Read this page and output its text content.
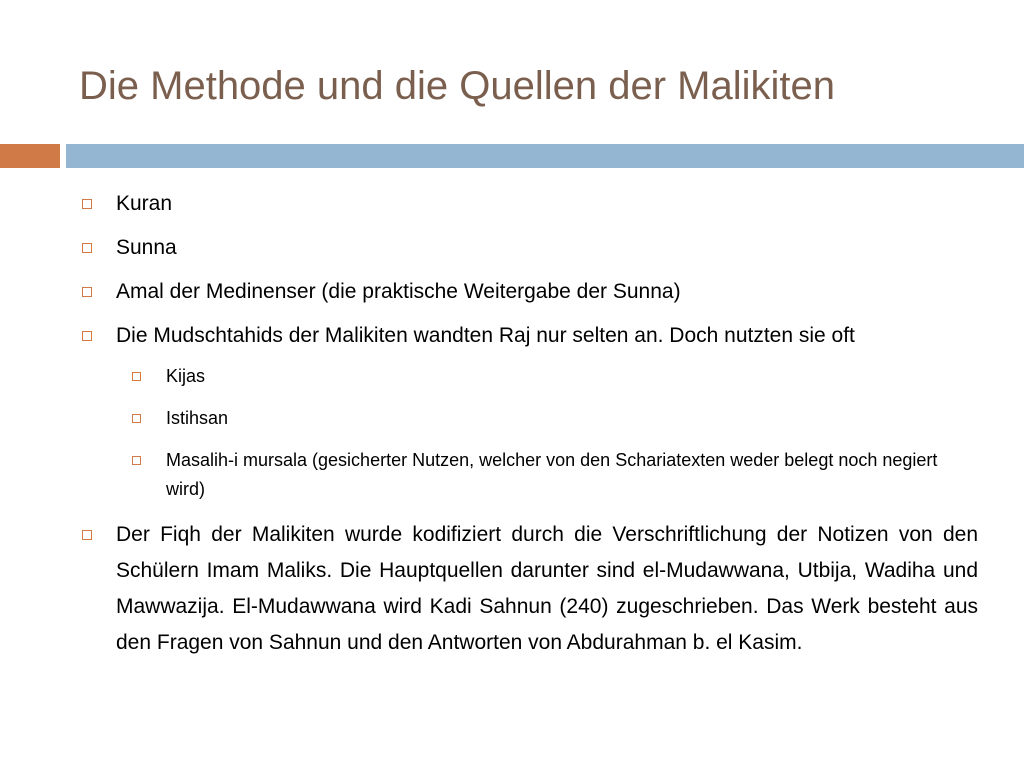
Die Methode und die Quellen der Malikiten
Kuran
Sunna
Amal der Medinenser (die praktische Weitergabe der Sunna)
Die Mudschtahids der Malikiten wandten Raj nur selten an. Doch nutzten sie oft
Kijas
Istihsan
Masalih-i mursala (gesicherter Nutzen, welcher von den Schariatexten weder belegt noch negiert wird)
Der Fiqh der Malikiten wurde kodifiziert durch die Verschriftlichung der Notizen von den Schülern Imam Maliks. Die Hauptquellen darunter sind el-Mudawwana, Utbija, Wadiha und Mawwazija. El-Mudawwana wird Kadi Sahnun (240) zugeschrieben. Das Werk besteht aus den Fragen von Sahnun und den Antworten von Abdurahman b. el Kasim.
